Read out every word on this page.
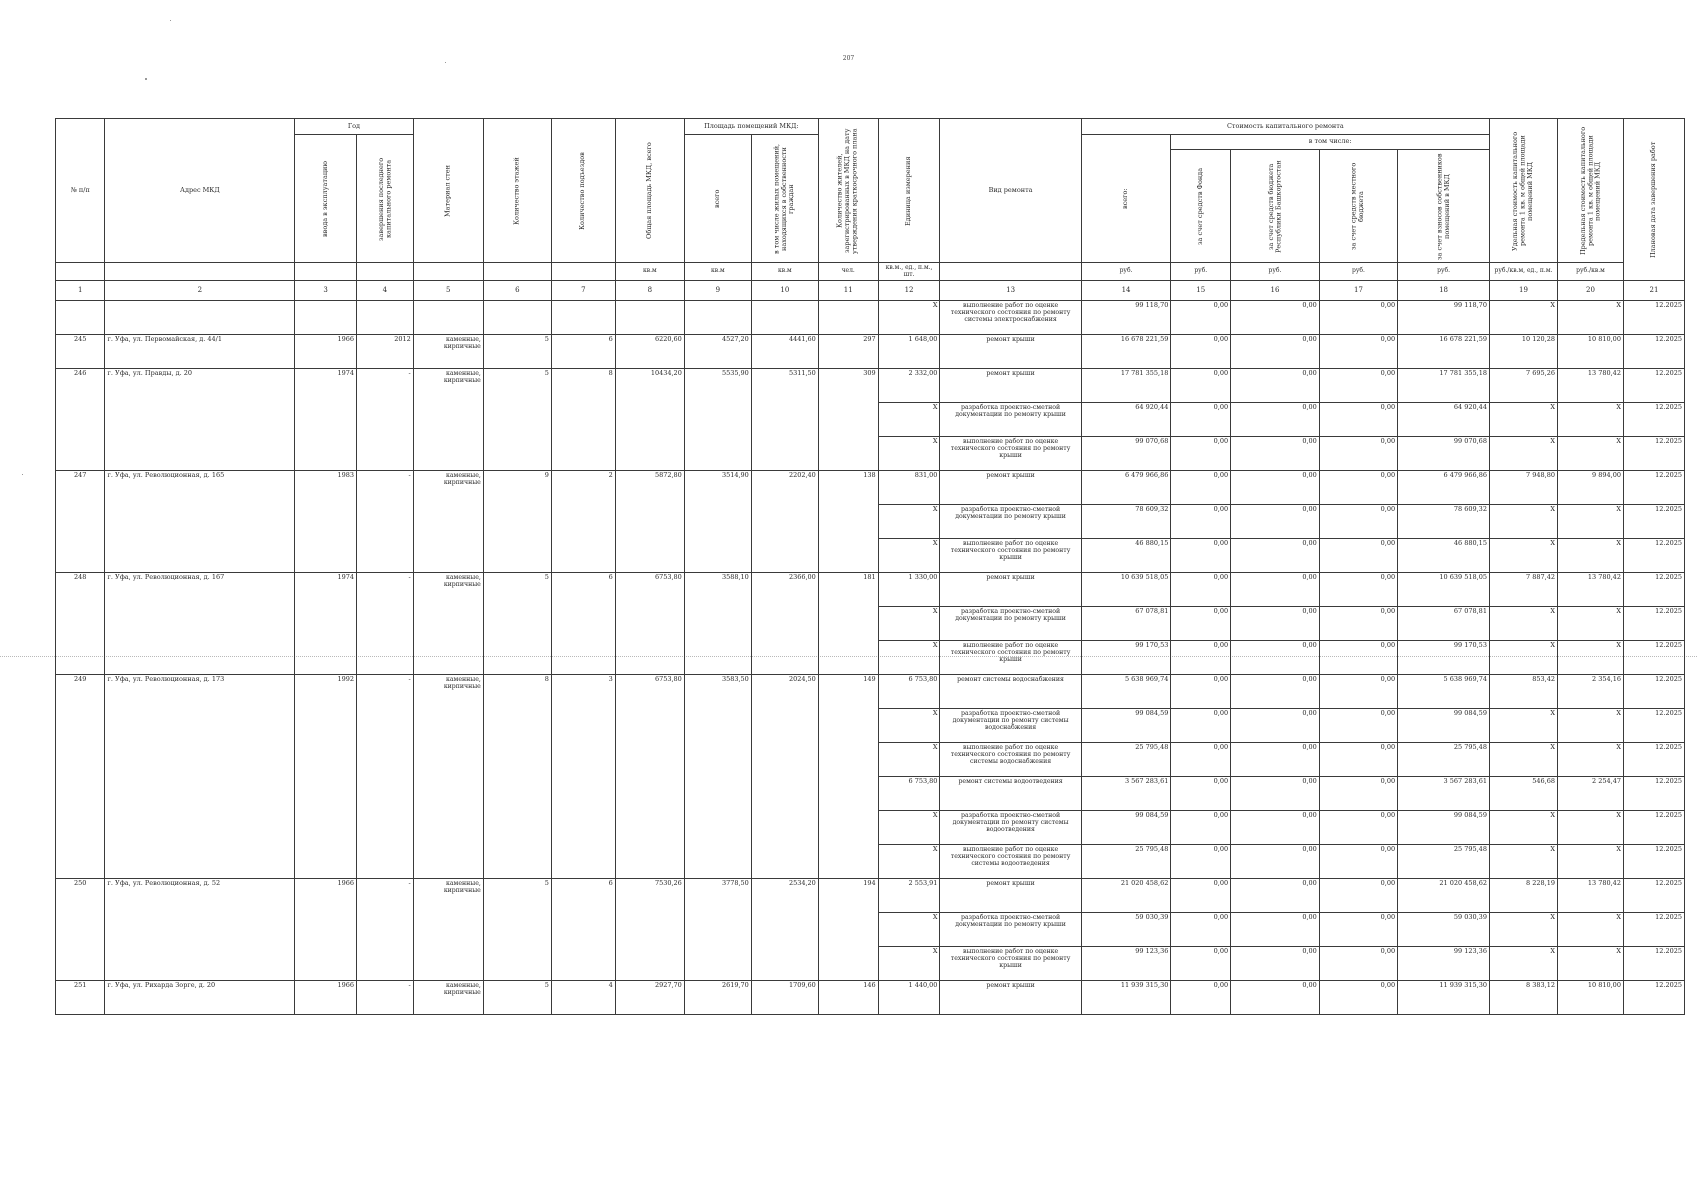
207
№ п/п	Адрес МКД	Год		Материал стен	Количество этажей	Количество подъездов	Общая площадь МКД, всего	Площадь помещений МКД:		Количество жителей, зарегистрированных в МКД на дату утверждения краткосрочного плана	Единица измерения	Вид ремонта	Стоимость капитального ремонта					Удельная стоимость капитального ремонта 1 кв. м общей площади помещений МКД	Предельная стоимость капитального ремонта 1 кв. м общей площади помещений МКД	Плановая дата завершения работ
		ввода в эксплуатацию	завершения последнего капитального ремонта					всего	в том числе жилых помещений, находящихся в собственности граждан				всего:	в том числе:						
														за счет средств Фонда	за счет средств бюджета Республики Башкортостан	за счет средств местного бюджета	за счет взносов собственников помещений в МКД			
							кв.м	кв.м	кв.м	чел.	кв.м., ед., п.м., шт.		руб.	руб.	руб.	руб.	руб.	руб./кв.м, ед., п.м.	руб./кв.м	
1	2	3	4	5	6	7	8	9	10	11	12	13	14	15	16	17	18	19	20	21
											X	выполнение работ по оценке технического состояния по ремонту системы электроснабжения	99 118,70	0,00	0,00	0,00	99 118,70	X	X	12.2025
245	г. Уфа, ул. Первомайская, д. 44/1	1966	2012	каменные, кирпичные	5	6	6220,60	4527,20	4441,60	297	1 648,00	ремонт крыши	16 678 221,59	0,00	0,00	0,00	16 678 221,59	10 120,28	10 810,00	12.2025
246	г. Уфа, ул. Правды, д. 20	1974	-	каменные, кирпичные	5	8	10434,20	5535,90	5311,50	309	2 332,00	ремонт крыши	17 781 355,18	0,00	0,00	0,00	17 781 355,18	7 695,26	13 780,42	12.2025
											X	разработка проектно-сметной документации по ремонту крыши	64 920,44	0,00	0,00	0,00	64 920,44	X	X	12.2025
											X	выполнение работ по оценке технического состояния по ремонту крыши	99 070,68	0,00	0,00	0,00	99 070,68	X	X	12.2025
247	г. Уфа, ул. Революционная, д. 165	1983	-	каменные, кирпичные	9	2	5872,80	3514,90	2202,40	138	831,00	ремонт крыши	6 479 966,86	0,00	0,00	0,00	6 479 966,86	7 948,80	9 894,00	12.2025
											X	разработка проектно-сметной документации по ремонту крыши	78 609,32	0,00	0,00	0,00	78 609,32	X	X	12.2025
											X	выполнение работ по оценке технического состояния по ремонту крыши	46 880,15	0,00	0,00	0,00	46 880,15	X	X	12.2025
248	г. Уфа, ул. Революционная, д. 167	1974	-	каменные, кирпичные	5	6	6753,80	3588,10	2366,00	181	1 330,00	ремонт крыши	10 639 518,05	0,00	0,00	0,00	10 639 518,05	7 887,42	13 780,42	12.2025
											X	разработка проектно-сметной документации по ремонту крыши	67 078,81	0,00	0,00	0,00	67 078,81	X	X	12.2025
											X	выполнение работ по оценке технического состояния по ремонту крыши	99 170,53	0,00	0,00	0,00	99 170,53	X	X	12.2025
249	г. Уфа, ул. Революционная, д. 173	1992	-	каменные, кирпичные	8	3	6753,80	3583,50	2024,50	149	6 753,80	ремонт системы водоснабжения	5 638 969,74	0,00	0,00	0,00	5 638 969,74	853,42	2 354,16	12.2025
											X	разработка проектно-сметной документации по ремонту системы водоснабжения	99 084,59	0,00	0,00	0,00	99 084,59	X	X	12.2025
											X	выполнение работ по оценке технического состояния по ремонту системы водоснабжения	25 795,48	0,00	0,00	0,00	25 795,48	X	X	12.2025
											6 753,80	ремонт системы водоотведения	3 567 283,61	0,00	0,00	0,00	3 567 283,61	546,68	2 254,47	12.2025
											X	разработка проектно-сметной документации по ремонту системы водоотведения	99 084,59	0,00	0,00	0,00	99 084,59	X	X	12.2025
											X	выполнение работ по оценке технического состояния по ремонту системы водоотведения	25 795,48	0,00	0,00	0,00	25 795,48	X	X	12.2025
250	г. Уфа, ул. Революционная, д. 52	1966	-	каменные, кирпичные	5	6	7530,26	3778,50	2534,20	194	2 553,91	ремонт крыши	21 020 458,62	0,00	0,00	0,00	21 020 458,62	8 228,19	13 780,42	12.2025
											X	разработка проектно-сметной документации по ремонту крыши	59 030,39	0,00	0,00	0,00	59 030,39	X	X	12.2025
											X	выполнение работ по оценке технического состояния по ремонту крыши	99 123,36	0,00	0,00	0,00	99 123,36	X	X	12.2025
251	г. Уфа, ул. Рихарда Зорге, д. 20	1966	-	каменные, кирпичные	5	4	2927,70	2619,70	1709,60	146	1 440,00	ремонт крыши	11 939 315,30	0,00	0,00	0,00	11 939 315,30	8 383,12	10 810,00	12.2025
